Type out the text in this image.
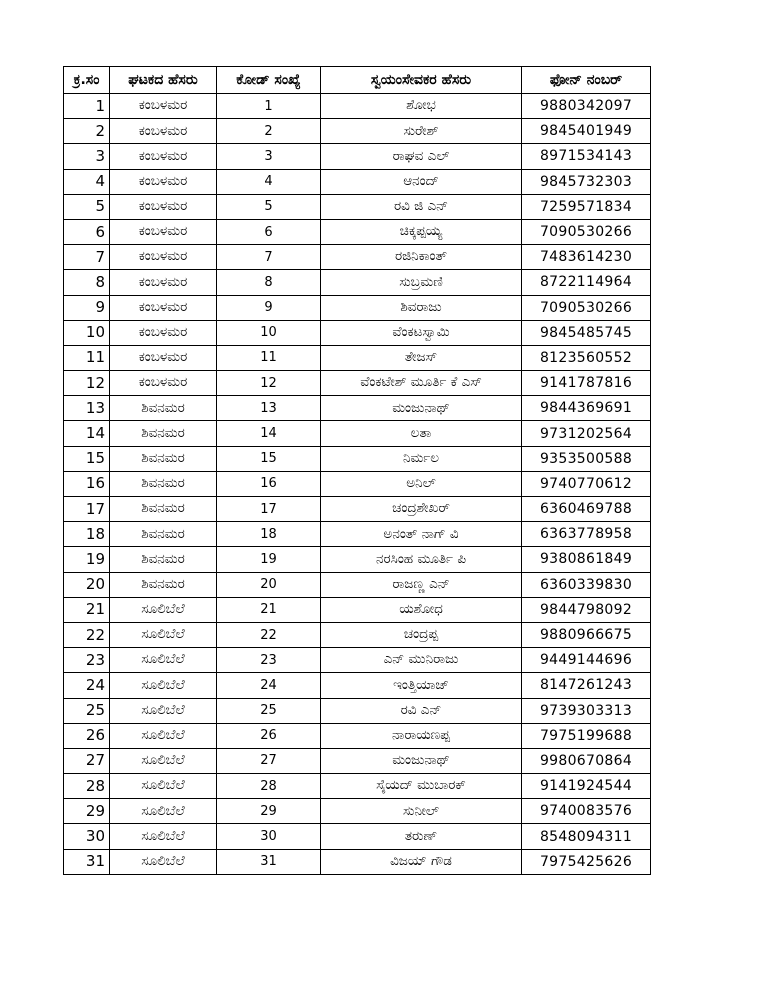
ಕ್ರ.ಸಂ	ಘಟಕದ ಹೆಸರು	ಕೋಡ್ ಸಂಖ್ಯೆ	ಸ್ವಯಂಸೇವಕರ ಹೆಸರು	ಫೋನ್ ನಂಬರ್
1	ಕಂಬಳಮರ	1	ಶೋಭ	9880342097
2	ಕಂಬಳಮರ	2	ಸುರೇಶ್	9845401949
3	ಕಂಬಳಮರ	3	ರಾಘವ ಎಲ್	8971534143
4	ಕಂಬಳಮರ	4	ಆನಂದ್	9845732303
5	ಕಂಬಳಮರ	5	ರವಿ ಜಿ ಎನ್	7259571834
6	ಕಂಬಳಮರ	6	ಚಿಕ್ಕಪ್ಪಯ್ಯ	7090530266
7	ಕಂಬಳಮರ	7	ರಜಿನಿಕಾಂತ್	7483614230
8	ಕಂಬಳಮರ	8	ಸುಬ್ರಮಣಿ	8722114964
9	ಕಂಬಳಮರ	9	ಶಿವರಾಜು	7090530266
10	ಕಂಬಳಮರ	10	ವೆಂಕಟಸ್ವಾಮಿ	9845485745
11	ಕಂಬಳಮರ	11	ತೇಜಸ್	8123560552
12	ಕಂಬಳಮರ	12	ವೆಂಕಟೇಶ್ ಮೂರ್ತಿ ಕೆ ಎಸ್	9141787816
13	ಶಿವನಮರ	13	ಮಂಜುನಾಥ್	9844369691
14	ಶಿವನಮರ	14	ಲತಾ	9731202564
15	ಶಿವನಮರ	15	ನಿರ್ಮಲ	9353500588
16	ಶಿವನಮರ	16	ಅನಿಲ್	9740770612
17	ಶಿವನಮರ	17	ಚಂದ್ರಶೇಖರ್	6360469788
18	ಶಿವನಮರ	18	ಅನಂತ್ ನಾಗ್ ವಿ	6363778958
19	ಶಿವನಮರ	19	ನರಸಿಂಹ ಮೂರ್ತಿ ಪಿ	9380861849
20	ಶಿವನಮರ	20	ರಾಜಣ್ಣ ಎನ್	6360339830
21	ಸೂಲಿಬೆಲೆ	21	ಯಶೋಧ	9844798092
22	ಸೂಲಿಬೆಲೆ	22	ಚಂದ್ರಪ್ಪ	9880966675
23	ಸೂಲಿಬೆಲೆ	23	ಎನ್ ಮುನಿರಾಜು	9449144696
24	ಸೂಲಿಬೆಲೆ	24	ಇಂತ್ತಿಯಾಜ್	8147261243
25	ಸೂಲಿಬೆಲೆ	25	ರವಿ ಎನ್	9739303313
26	ಸೂಲಿಬೆಲೆ	26	ನಾರಾಯಣಪ್ಪ	7975199688
27	ಸೂಲಿಬೆಲೆ	27	ಮಂಜುನಾಥ್	9980670864
28	ಸೂಲಿಬೆಲೆ	28	ಸೈಯದ್ ಮುಬಾರಕ್	9141924544
29	ಸೂಲಿಬೆಲೆ	29	ಸುನೀಲ್	9740083576
30	ಸೂಲಿಬೆಲೆ	30	ತರುಣ್	8548094311
31	ಸೂಲಿಬೆಲೆ	31	ವಿಜಯ್ ಗೌಡ	7975425626
